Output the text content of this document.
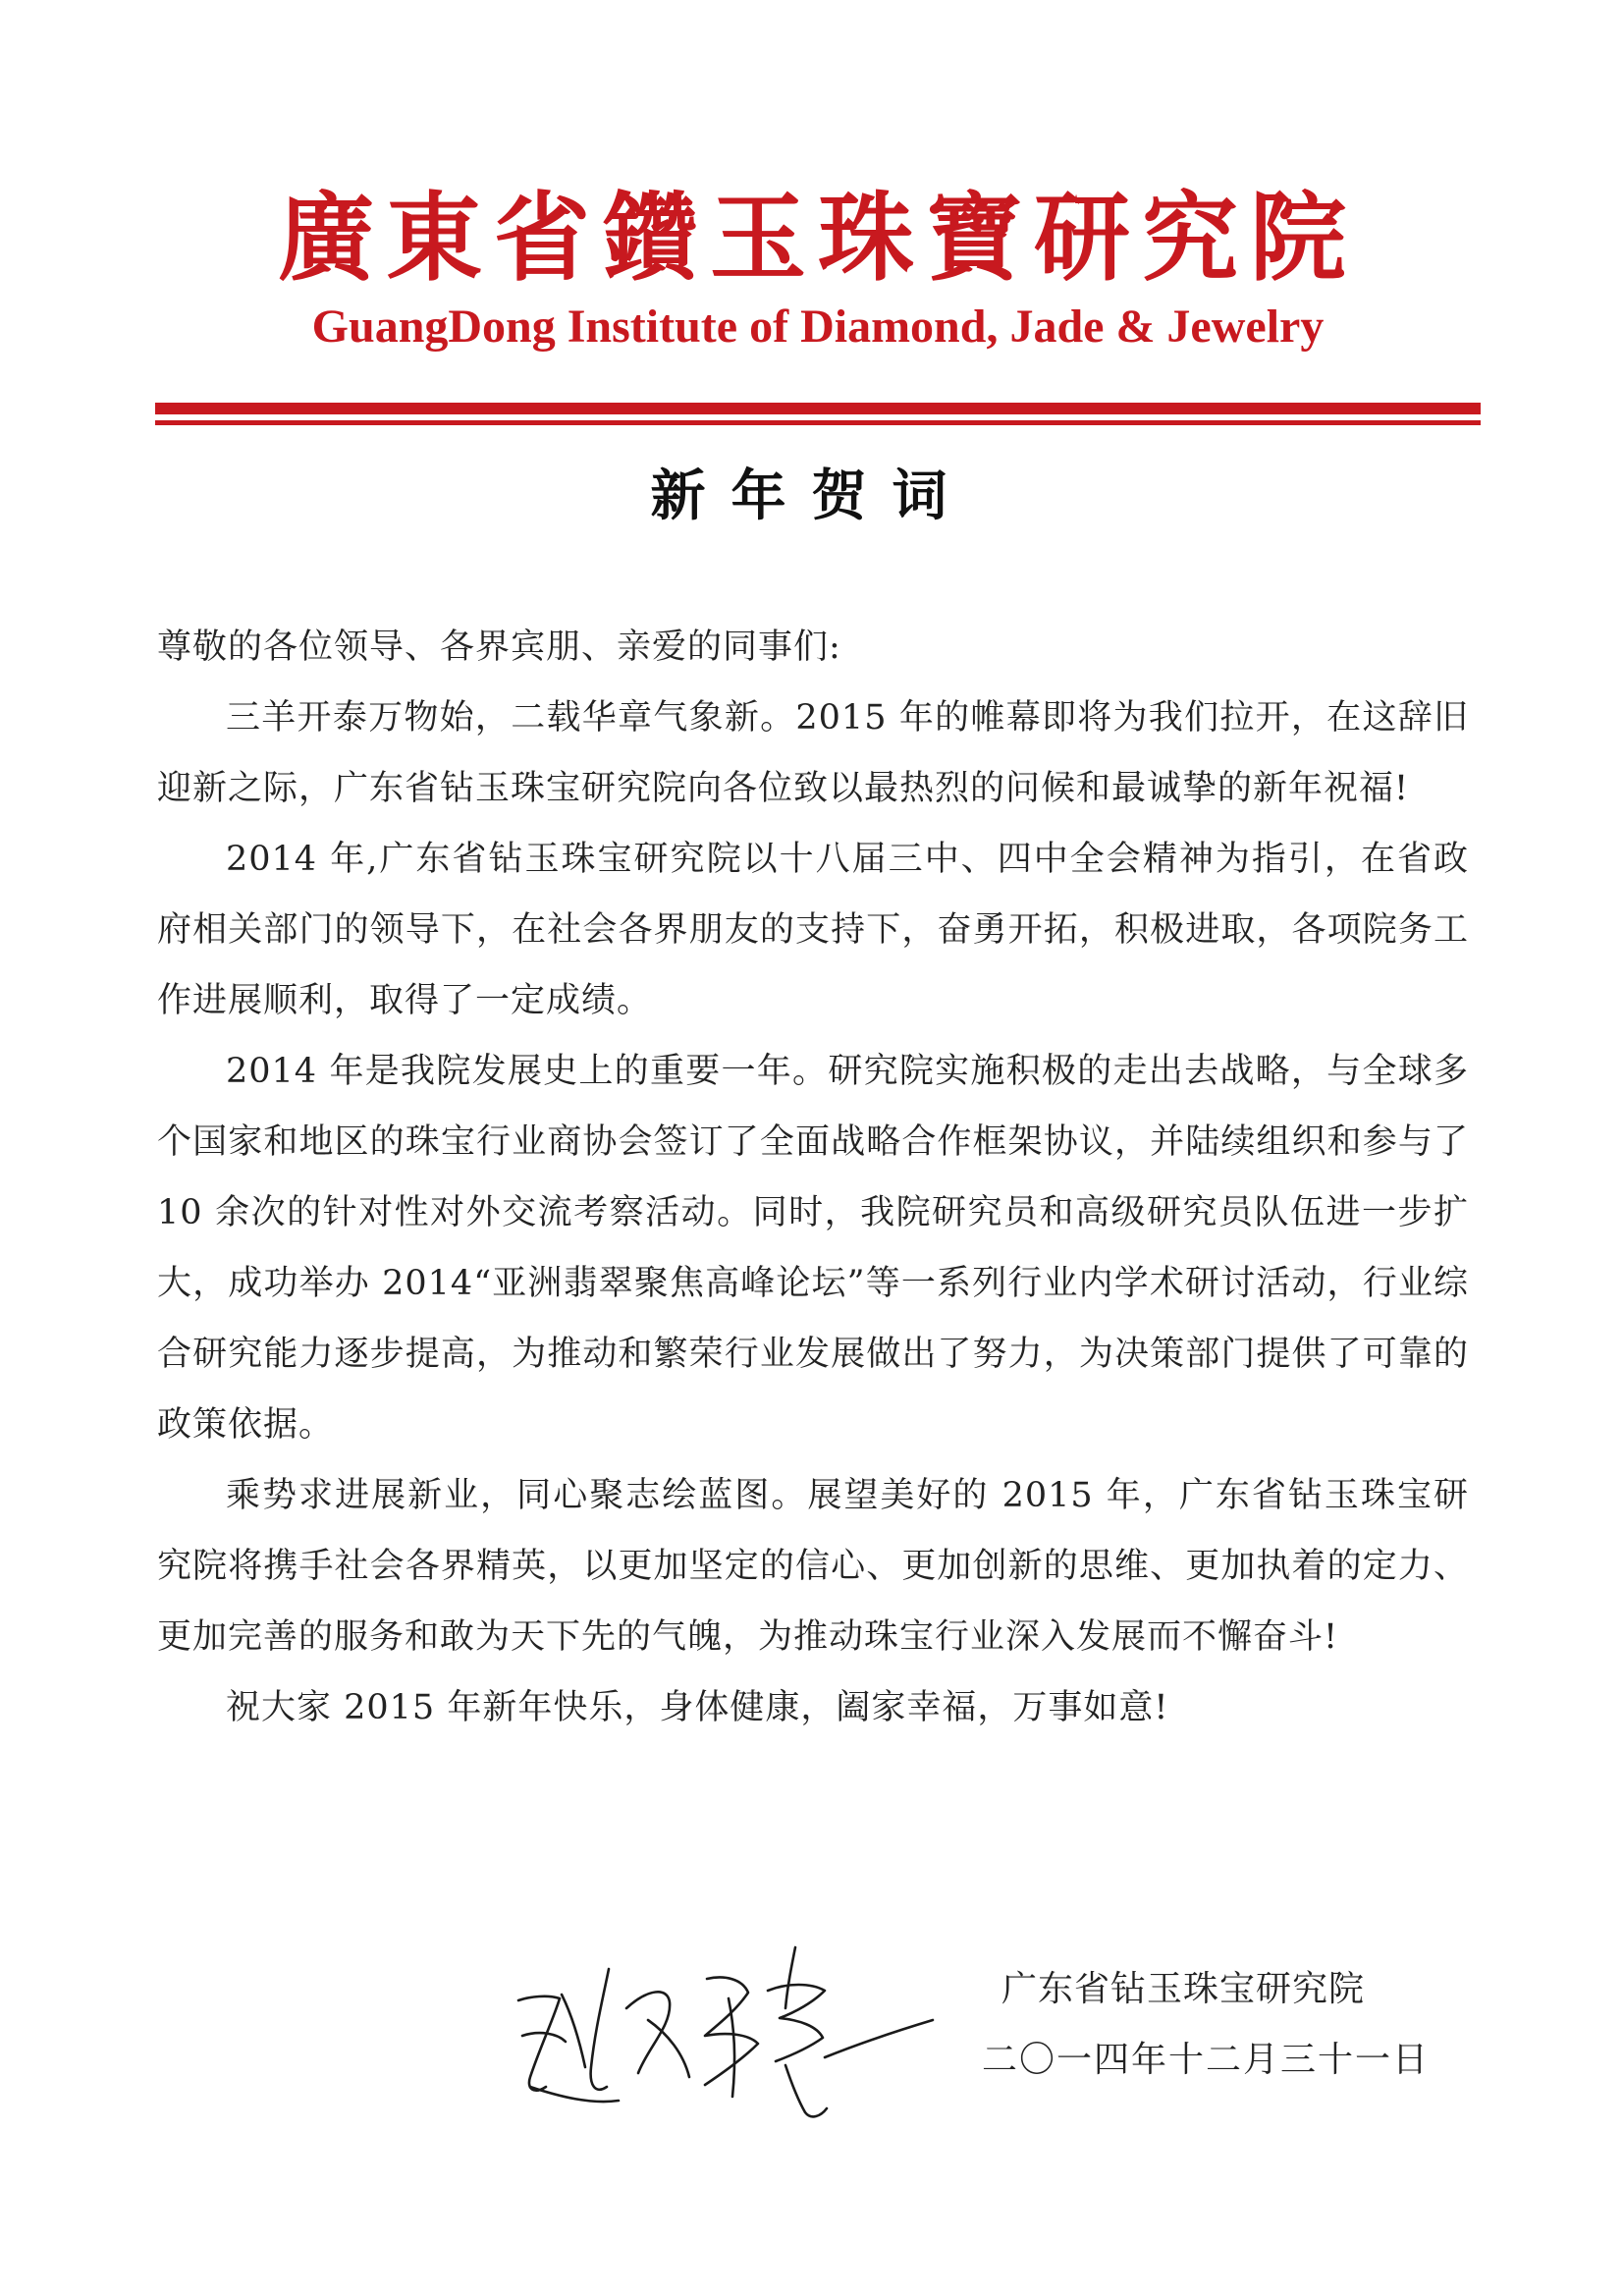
廣東省鑽玉珠寶研究院
GuangDong Institute of Diamond, Jade & Jewelry
新年贺词

尊敬的各位领导、各界宾朋、亲爱的同事们:

三羊开泰万物始，二载华章气象新。2015 年的帷幕即将为我们拉开，在这辞旧迎新之际，广东省钻玉珠宝研究院向各位致以最热烈的问候和最诚挚的新年祝福!

2014 年,广东省钻玉珠宝研究院以十八届三中、四中全会精神为指引，在省政府相关部门的领导下，在社会各界朋友的支持下，奋勇开拓，积极进取，各项院务工作进展顺利，取得了一定成绩。

2014 年是我院发展史上的重要一年。研究院实施积极的走出去战略，与全球多个国家和地区的珠宝行业商协会签订了全面战略合作框架协议，并陆续组织和参与了 10 余次的针对性对外交流考察活动。同时，我院研究员和高级研究员队伍进一步扩大，成功举办 2014“亚洲翡翠聚焦高峰论坛”等一系列行业内学术研讨活动，行业综合研究能力逐步提高，为推动和繁荣行业发展做出了努力，为决策部门提供了可靠的政策依据。

乘势求进展新业，同心聚志绘蓝图。展望美好的 2015 年，广东省钻玉珠宝研究院将携手社会各界精英，以更加坚定的信心、更加创新的思维、更加执着的定力、更加完善的服务和敢为天下先的气魄，为推动珠宝行业深入发展而不懈奋斗!

祝大家 2015 年新年快乐，身体健康，阖家幸福，万事如意!

广东省钻玉珠宝研究院
二〇一四年十二月三十一日
